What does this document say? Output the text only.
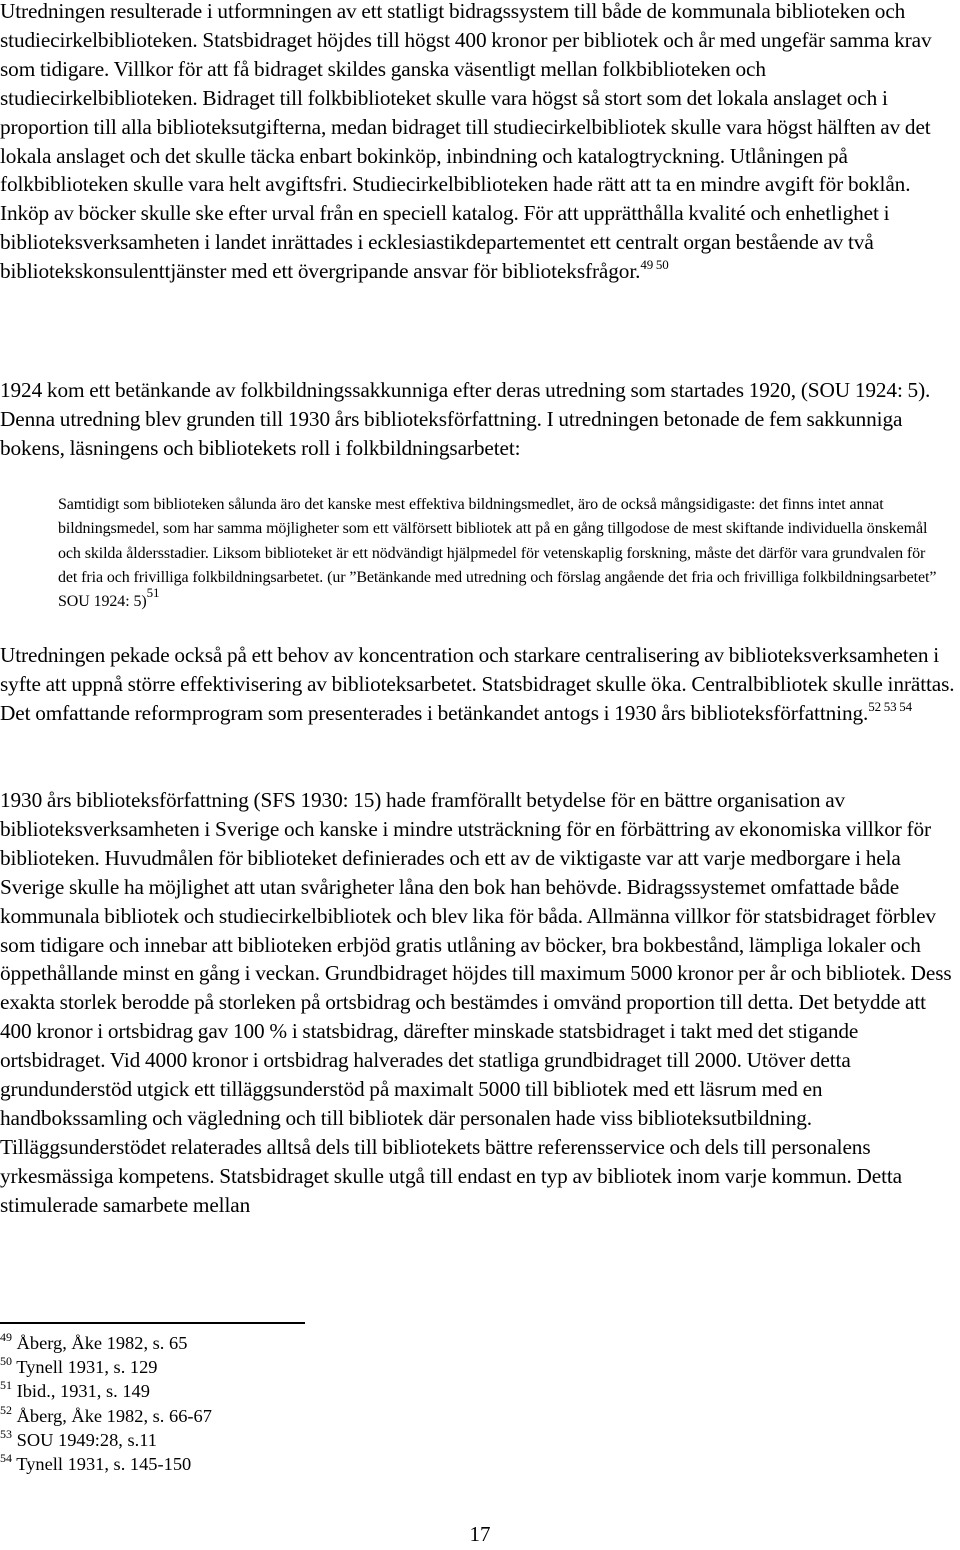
Utredningen resulterade i utformningen av ett statligt bidragssystem till både de kommunala biblioteken och studiecirkelbiblioteken. Statsbidraget höjdes till högst 400 kronor per bibliotek och år med ungefär samma krav som tidigare. Villkor för att få bidraget skildes ganska väsentligt mellan folkbiblioteken och studiecirkelbiblioteken. Bidraget till folkbiblioteket skulle vara högst så stort som det lokala anslaget och i proportion till alla biblioteksutgifterna, medan bidraget till studiecirkelbibliotek skulle vara högst hälften av det lokala anslaget och det skulle täcka enbart bokinköp, inbindning och katalogtryckning. Utlåningen på folkbiblioteken skulle vara helt avgiftsfri. Studiecirkelbiblioteken hade rätt att ta en mindre avgift för boklån. Inköp av böcker skulle ske efter urval från en speciell katalog. För att upprätthålla kvalité och enhetlighet i biblioteksverksamheten i landet inrättades i ecklesiastikdepartementet ett centralt organ bestående av två bibliotekskonsulenttjänster med ett övergripande ansvar för biblioteksfrågor.$^{49 50}$

1924 kom ett betänkande av folkbildningssakkunniga efter deras utredning som startades 1920, (SOU 1924: 5). Denna utredning blev grunden till 1930 års biblioteksförfattning. I utredningen betonade de fem sakkunniga bokens, läsningens och bibliotekets roll i folkbildningsarbetet:

Samtidigt som biblioteken sålunda äro det kanske mest effektiva bildningsmedlet, äro de också mångsidigaste: det finns intet annat bildningsmedel, som har samma möjligheter som ett välförsett bibliotek att på en gång tillgodose de mest skiftande individuella önskemål och skilda åldersstadier. Liksom biblioteket är ett nödvändigt hjälpmedel för vetenskaplig forskning, måste det därför vara grundvalen för det fria och frivilliga folkbildningsarbetet. (ur ”Betänkande med utredning och förslag angående det fria och frivilliga folkbildningsarbetet” SOU 1924: 5)$^{51}$

Utredningen pekade också på ett behov av koncentration och starkare centralisering av biblioteksverksamheten i syfte att uppnå större effektivisering av biblioteksarbetet. Statsbidraget skulle öka. Centralbibliotek skulle inrättas. Det omfattande reformprogram som presenterades i betänkandet antogs i 1930 års biblioteksförfattning.$^{52 53 54}$

1930 års biblioteksförfattning (SFS 1930: 15) hade framförallt betydelse för en bättre organisation av biblioteksverksamheten i Sverige och kanske i mindre utsträckning för en förbättring av ekonomiska villkor för biblioteken. Huvudmålen för biblioteket definierades och ett av de viktigaste var att varje medborgare i hela Sverige skulle ha möjlighet att utan svårigheter låna den bok han behövde. Bidragssystemet omfattade både kommunala bibliotek och studiecirkelbibliotek och blev lika för båda. Allmänna villkor för statsbidraget förblev som tidigare och innebar att biblioteken erbjöd gratis utlåning av böcker, bra bokbestånd, lämpliga lokaler och öppethållande minst en gång i veckan. Grundbidraget höjdes till maximum 5000 kronor per år och bibliotek. Dess exakta storlek berodde på storleken på ortsbidrag och bestämdes i omvänd proportion till detta. Det betydde att 400 kronor i ortsbidrag gav 100 % i statsbidrag, därefter minskade statsbidraget i takt med det stigande ortsbidraget. Vid 4000 kronor i ortsbidrag halverades det statliga grundbidraget till 2000. Utöver detta grundunderstöd utgick ett tilläggsunderstöd på maximalt 5000 till bibliotek med ett läsrum med en handbokssamling och vägledning och till bibliotek där personalen hade viss biblioteksutbildning. Tilläggsunderstödet relaterades alltså dels till bibliotekets bättre referensservice och dels till personalens yrkesmässiga kompetens. Statsbidraget skulle utgå till endast en typ av bibliotek inom varje kommun. Detta stimulerade samarbete mellan

$^{49}$ Åberg, Åke 1982, s. 65
$^{50}$ Tynell 1931, s. 129
$^{51}$ Ibid., 1931, s. 149
$^{52}$ Åberg, Åke 1982, s. 66-67
$^{53}$ SOU 1949:28, s.11
$^{54}$ Tynell 1931, s. 145-150
17
